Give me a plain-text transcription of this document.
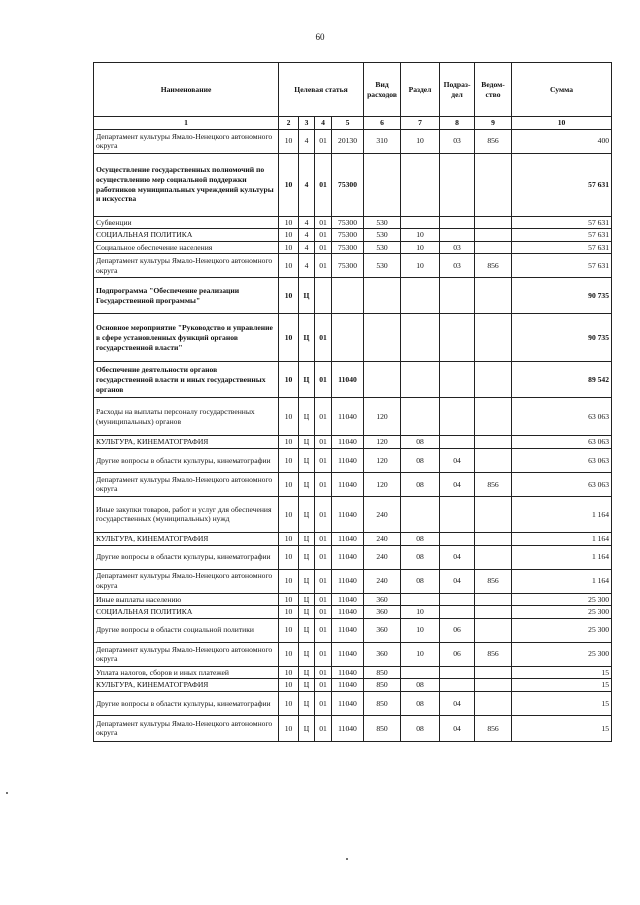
60
Наименование	Целевая статья				Вид расходов	Раздел	Подраз-дел	Ведом-ство	Сумма
1	2	3	4	5	6	7	8	9	10
Департамент культуры Ямало-Ненецкого автономного округа	10	4	01	20130	310	10	03	856	400
Осуществление государственных полномочий по осуществлению мер социальной поддержки работников муниципальных учреждений культуры и искусства	10	4	01	75300					57 631
Субвенции	10	4	01	75300	530				57 631
СОЦИАЛЬНАЯ ПОЛИТИКА	10	4	01	75300	530	10			57 631
Социальное обеспечение населения	10	4	01	75300	530	10	03		57 631
Департамент культуры Ямало-Ненецкого автономного округа	10	4	01	75300	530	10	03	856	57 631
Подпрограмма "Обеспечение реализации Государственной программы"	10	Ц							90 735
Основное мероприятие "Руководство и управление в сфере установленных функций органов государственной власти"	10	Ц	01						90 735
Обеспечение деятельности органов государственной власти и иных государственных органов	10	Ц	01	11040					89 542
Расходы на выплаты персоналу государственных (муниципальных) органов	10	Ц	01	11040	120				63 063
КУЛЬТУРА, КИНЕМАТОГРАФИЯ	10	Ц	01	11040	120	08			63 063
Другие вопросы в области культуры, кинематографии	10	Ц	01	11040	120	08	04		63 063
Департамент культуры Ямало-Ненецкого автономного округа	10	Ц	01	11040	120	08	04	856	63 063
Иные закупки товаров, работ и услуг для обеспечения государственных (муниципальных) нужд	10	Ц	01	11040	240				1 164
КУЛЬТУРА, КИНЕМАТОГРАФИЯ	10	Ц	01	11040	240	08			1 164
Другие вопросы в области культуры, кинематографии	10	Ц	01	11040	240	08	04		1 164
Департамент культуры Ямало-Ненецкого автономного округа	10	Ц	01	11040	240	08	04	856	1 164
Иные выплаты населению	10	Ц	01	11040	360				25 300
СОЦИАЛЬНАЯ ПОЛИТИКА	10	Ц	01	11040	360	10			25 300
Другие вопросы в области социальной политики	10	Ц	01	11040	360	10	06		25 300
Департамент культуры Ямало-Ненецкого автономного округа	10	Ц	01	11040	360	10	06	856	25 300
Уплата налогов, сборов и иных платежей	10	Ц	01	11040	850				15
КУЛЬТУРА, КИНЕМАТОГРАФИЯ	10	Ц	01	11040	850	08			15
Другие вопросы в области культуры, кинематографии	10	Ц	01	11040	850	08	04		15
Департамент культуры Ямало-Ненецкого автономного округа	10	Ц	01	11040	850	08	04	856	15
